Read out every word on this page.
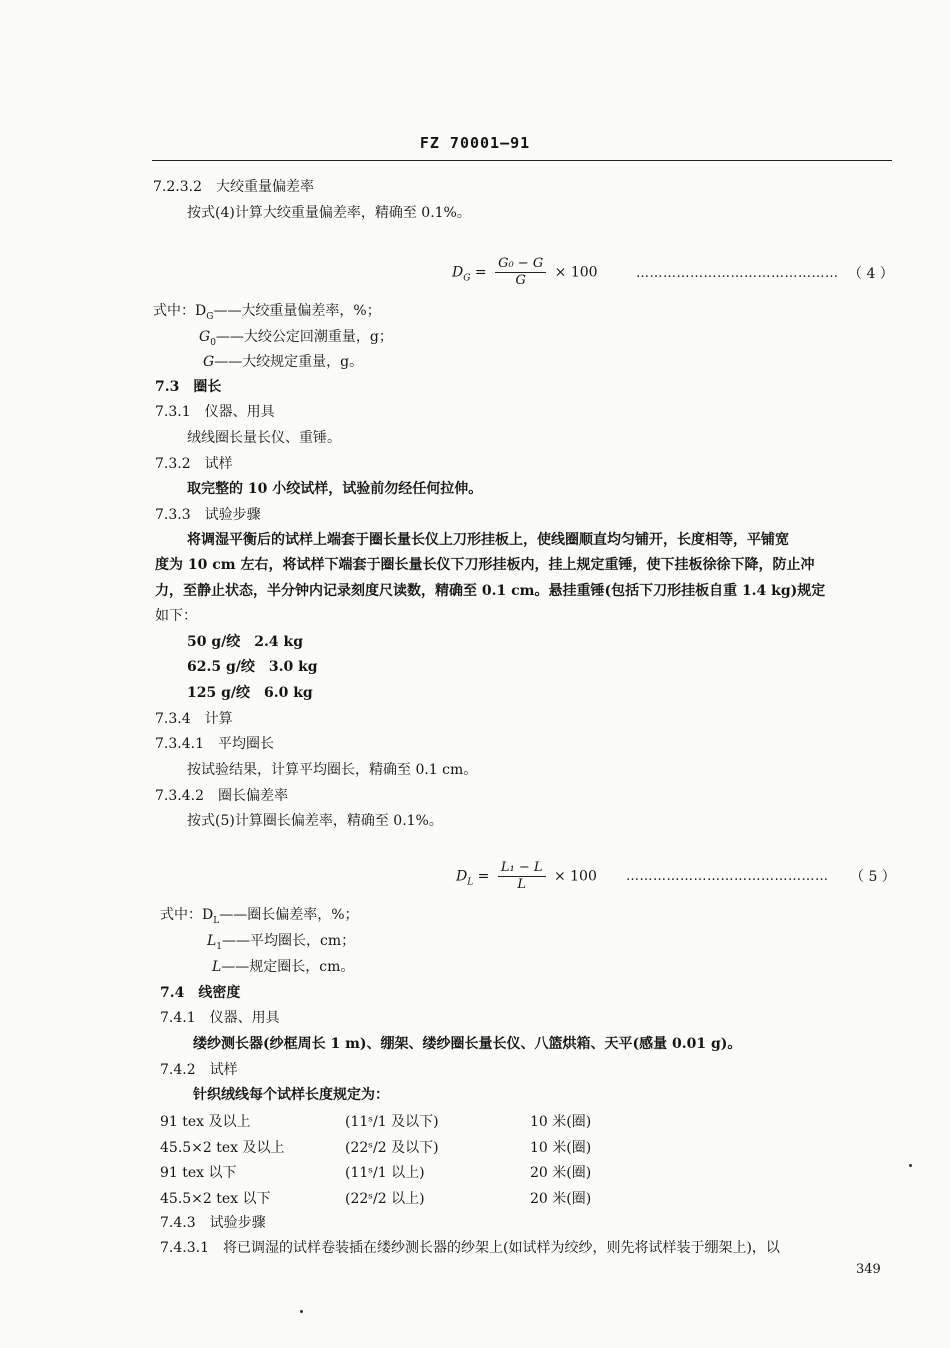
FZ 70001—91
7.2.3.2　大绞重量偏差率
按式(4)计算大绞重量偏差率，精确至 0.1%。
$D_G = \frac{\text{G₀ − G}}{G} \times 100$	……………………………………… （ 4 ）
式中：$D_G——$大绞重量偏差率，%；
$G_0——$大绞公定回潮重量，g；
G——大绞规定重量，g。
7.3　圈长
7.3.1　仪器、用具
绒线圈长量长仪、重锤。
7.3.2　试样
取完整的 10 小绞试样，试验前勿经任何拉伸。
7.3.3　试验步骤
将调湿平衡后的试样上端套于圈长量长仪上刀形挂板上，使线圈顺直均匀铺开，长度相等，平铺宽
度为 10 cm 左右，将试样下端套于圈长量长仪下刀形挂板内，挂上规定重锤，使下挂板徐徐下降，防止冲
力，至静止状态，半分钟内记录刻度尺读数，精确至 0.1 cm。悬挂重锤(包括下刀形挂板自重 1.4 kg)规定
如下：
50 g/绞　2.4 kg
62.5 g/绞　3.0 kg
125 g/绞　6.0 kg
7.3.4　计算
7.3.4.1　平均圈长
按试验结果，计算平均圈长，精确至 0.1 cm。
7.3.4.2　圈长偏差率
按式(5)计算圈长偏差率，精确至 0.1%。
$D_L = \frac{\text{L₁ − L}}{L} \times 100$ ……………………………………… （ 5 ）
式中：$D_L——$圈长偏差率，%；
$L_1——$平均圈长，cm；
L——规定圈长，cm。
7.4　线密度
7.4.1　仪器、用具
缕纱测长器(纱框周长 1 m)、绷架、缕纱圈长量长仪、八篮烘箱、天平(感量 0.01 g)。
7.4.2　试样
针织绒线每个试样长度规定为：
91 tex 及以上	(11ˢ/1 及以下)	10 米(圈)
45.5×2 tex 及以上	(22ˢ/2 及以下)	10 米(圈)
91 tex 以下	(11ˢ/1 以上)	20 米(圈)
45.5×2 tex 以下	(22ˢ/2 以上)	20 米(圈)
7.4.3　试验步骤
7.4.3.1　将已调湿的试样卷装插在缕纱测长器的纱架上(如试样为绞纱，则先将试样装于绷架上)，以
349
